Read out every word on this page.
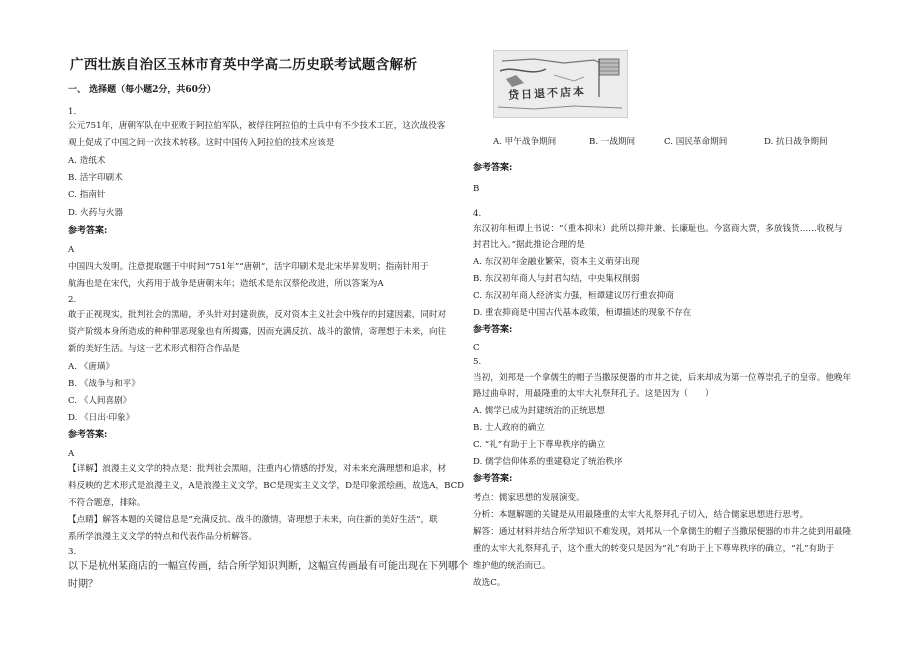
广西壮族自治区玉林市育英中学高二历史联考试题含解析
一、 选择题（每小题2分，共60分）
1.
公元751年，唐朝军队在中亚败于阿拉伯军队，被俘往阿拉伯的士兵中有不少技术工匠，这次战役客
观上促成了中国之间一次技术转移。这时中国传入阿拉伯的技术应该是
A. 造纸术
B. 活字印刷术
C. 指南针
D. 火药与火器
参考答案:
A
中国四大发明。注意提取题干中时间“751年”“唐朝”，活字印刷术是北宋毕昇发明；指南针用于
航海也是在宋代，火药用于战争是唐朝末年；造纸术是东汉蔡伦改进，所以答案为A
2.
敢于正视现实，批判社会的黑暗，矛头针对封建贵族，反对资本主义社会中残存的封建因素，同时对
资产阶级本身所造成的种种罪恶现象也有所揭露，因而充满反抗、战斗的激情，寄理想于未来，向往
新的美好生活。与这一艺术形式相符合作品是
A. 《唐璜》
B. 《战争与和平》
C. 《人间喜剧》
D. 《日出·印象》
参考答案:
A
【详解】浪漫主义文学的特点是：批判社会黑暗，注重内心情感的抒发，对未来充满理想和追求，材
料反映的艺术形式是浪漫主义，A是浪漫主义文学，BC是现实主义文学，D是印象派绘画，故选A，BCD
不符合题意，排除。
【点睛】解答本题的关键信息是“充满反抗、战斗的激情，寄理想于未来，向往新的美好生活”，联
系所学浪漫主义文学的特点和代表作品分析解答。
3.
以下是杭州某商店的一幅宣传画，结合所学知识判断，这幅宣传画最有可能出现在下列哪个
时期？
贷日退不店本
A. 甲午战争期间	B. 一战期间	C. 国民革命期间	D. 抗日战争期间
参考答案:
B
4.
东汉初年桓谭上书说：“（重本抑末）此所以抑并兼、长廉耻也。今富商大贾，多放钱货……收税与
封君比入。”据此推论合理的是
A. 东汉初年金融业繁荣，资本主义萌芽出现
B. 东汉初年商人与封君勾结，中央集权削弱
C. 东汉初年商人经济实力强，桓谭建议厉行重农抑商
D. 重农抑商是中国古代基本政策，桓谭描述的现象不存在
参考答案:
C
5.
当初，刘邦是一个拿儒生的帽子当撒尿便器的市井之徒，后来却成为第一位尊崇孔子的皇帝。他晚年
路过曲阜时，用最隆重的太牢大礼祭拜孔子。这是因为（　　）
A. 儒学已成为封建统治的正统思想
B. 士人政府的确立
C. “礼”有助于上下尊卑秩序的确立
D. 儒学信仰体系的重建稳定了统治秩序
参考答案:
考点：儒家思想的发展演变。
分析：本题解题的关键是从用最隆重的太牢大礼祭拜孔子切入，结合儒家思想进行思考。
解答：通过材料并结合所学知识不难发现，刘邦从一个拿儒生的帽子当撒尿便器的市井之徒到用最隆
重的太牢大礼祭拜孔子，这个重大的转变只是因为“礼”有助于上下尊卑秩序的确立，“礼”有助于
维护他的统治而已。
故选C。
